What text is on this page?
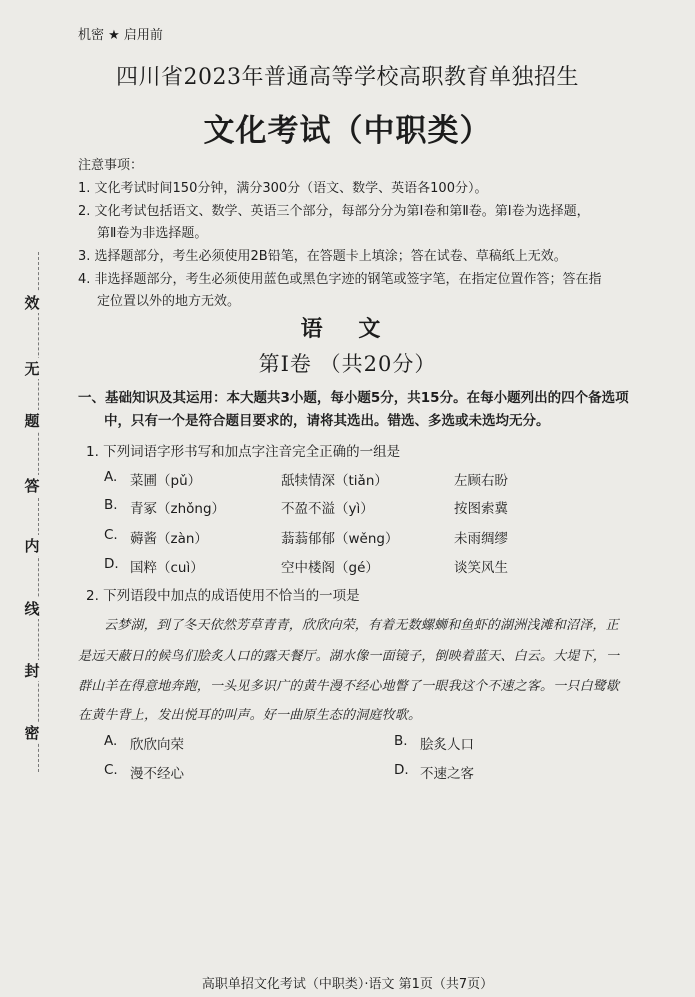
效
无
题
答
内
线
封
密
机密 ★ 启用前
四川省2023年普通高等学校高职教育单独招生
文化考试（中职类）
注意事项：
1. 文化考试时间150分钟，满分300分（语文、数学、英语各100分）。
2. 文化考试包括语文、数学、英语三个部分，每部分分为第Ⅰ卷和第Ⅱ卷。第Ⅰ卷为选择题，
第Ⅱ卷为非选择题。
3. 选择题部分，考生必须使用2B铅笔，在答题卡上填涂；答在试卷、草稿纸上无效。
4. 非选择题部分，考生必须使用蓝色或黑色字迹的钢笔或签字笔，在指定位置作答；答在指
定位置以外的地方无效。
语 文
第Ⅰ卷 （共20分）
一、基础知识及其运用：本大题共3小题，每小题5分，共15分。在每小题列出的四个备选项
中，只有一个是符合题目要求的，请将其选出。错选、多选或未选均无分。
1. 下列词语字形书写和加点字注音完全正确的一组是
A. 菜圃（pǔ）	舐犊情深（tiǎn）	左顾右盼
B. 青冢（zhǒng）	不盈不溢（yì）	按图索冀
C. 薅酱（zàn）	蓊蓊郁郁（wěng）	未雨绸缪
D. 国粹（cuì）	空中楼阁（gé）	谈笑风生
2. 下列语段中加点的成语使用不恰当的一项是
云梦湖，到了冬天依然芳草青青，欣欣向荣，有着无数螺蛳和鱼虾的湖洲浅滩和沼泽，正
是远天蔽日的候鸟们脍炙人口的露天餐厅。湖水像一面镜子，倒映着蓝天、白云。大堤下，一
群山羊在得意地奔跑，一头见多识广的黄牛漫不经心地瞥了一眼我这个不速之客。一只白鹭歇
在黄牛背上，发出悦耳的叫声。好一曲原生态的洞庭牧歌。
A. 欣欣向荣	B. 脍炙人口
C. 漫不经心	D. 不速之客
高职单招文化考试（中职类）·语文 第1页（共7页）
